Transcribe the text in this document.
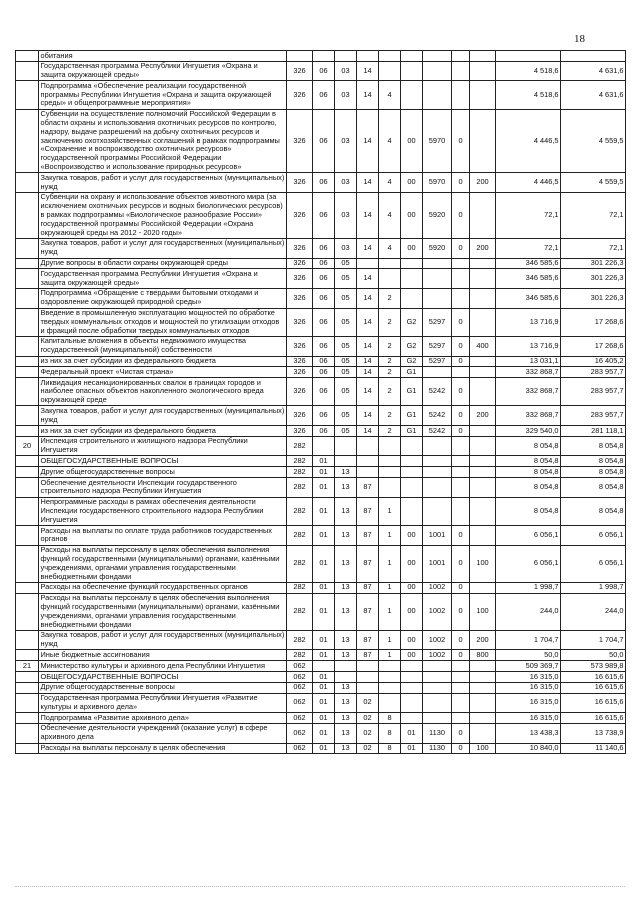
18
	обитания											
	Государственная программа Республики Ингушетия «Охрана и защита окружающей среды»	326	06	03	14						4 518,6	4 631,6
	Подпрограмма «Обеспечение реализации государственной программы Республики Ингушетия «Охрана и защита окружающей среды» и общепрограммные мероприятия»	326	06	03	14	4					4 518,6	4 631,6
	Субвенции на осуществление полномочий Российской Федерации в области охраны и использования охотничьих ресурсов по контролю, надзору, выдаче разрешений на добычу охотничьих ресурсов и заключению охотхозяйственных соглашений в рамках подпрограммы «Сохранение и воспроизводство охотничьих ресурсов» государственной программы Российской Федерации «Воспроизводство и использование природных ресурсов»	326	06	03	14	4	00	5970	0		4 446,5	4 559,5
	Закупка товаров, работ и услуг для государственных (муниципальных) нужд	326	06	03	14	4	00	5970	0	200	4 446,5	4 559,5
	Субвенции на охрану и использование объектов животного мира (за исключением охотничьих ресурсов и водных биологических ресурсов) в рамках подпрограммы «Биологическое разнообразие России» государственной программы Российской Федерации «Охрана окружающей среды на 2012 - 2020 годы»	326	06	03	14	4	00	5920	0		72,1	72,1
	Закупка товаров, работ и услуг для государственных (муниципальных) нужд	326	06	03	14	4	00	5920	0	200	72,1	72,1
	Другие вопросы в области охраны окружающей среды	326	06	05							346 585,6	301 226,3
	Государственная программа Республики Ингушетия «Охрана и защита окружающей среды»	326	06	05	14						346 585,6	301 226,3
	Подпрограмма «Обращение с твердыми бытовыми отходами и оздоровление окружающей природной среды»	326	06	05	14	2					346 585,6	301 226,3
	Введение в промышленную эксплуатацию мощностей по обработке твердых коммунальных отходов и мощностей по утилизации отходов и фракций после обработки твердых коммунальных отходов	326	06	05	14	2	G2	5297	0		13 716,9	17 268,6
	Капитальные вложения в объекты недвижимого имущества государственной (муниципальной) собственности	326	06	05	14	2	G2	5297	0	400	13 716,9	17 268,6
	из них за счет субсидии из федерального бюджета	326	06	05	14	2	G2	5297	0		13 031,1	16 405,2
	Федеральный проект «Чистая страна»	326	06	05	14	2	G1				332 868,7	283 957,7
	Ликвидация несанкционированных свалок в границах городов и наиболее опасных объектов накопленного экологического вреда окружающей среде	326	06	05	14	2	G1	5242	0		332 868,7	283 957,7
	Закупка товаров, работ и услуг для государственных (муниципальных) нужд	326	06	05	14	2	G1	5242	0	200	332 868,7	283 957,7
	из них за счет субсидии из федерального бюджета	326	06	05	14	2	G1	5242	0		329 540,0	281 118,1
20	Инспекция строительного и жилищного надзора Республики Ингушетия	282									8 054,8	8 054,8
	ОБЩЕГОСУДАРСТВЕННЫЕ ВОПРОСЫ	282	01								8 054,8	8 054,8
	Другие общегосударственные вопросы	282	01	13							8 054,8	8 054,8
	Обеспечение деятельности Инспекции государственного строительного надзора Республики Ингушетия	282	01	13	87						8 054,8	8 054,8
	Непрограммные расходы в рамках обеспечения деятельности Инспекции государственного строительного надзора Республики Ингушетия	282	01	13	87	1					8 054,8	8 054,8
	Расходы на выплаты по оплате труда работников государственных органов	282	01	13	87	1	00	1001	0		6 056,1	6 056,1
	Расходы на выплаты персоналу в целях обеспечения выполнения функций государственными (муниципальными) органами, казёнными учреждениями, органами управления государственными внебюджетными фондами	282	01	13	87	1	00	1001	0	100	6 056,1	6 056,1
	Расходы на обеспечение функций государственных органов	282	01	13	87	1	00	1002	0		1 998,7	1 998,7
	Расходы на выплаты персоналу в целях обеспечения выполнения функций государственными (муниципальными) органами, казёнными учреждениями, органами управления государственными внебюджетными фондами	282	01	13	87	1	00	1002	0	100	244,0	244,0
	Закупка товаров, работ и услуг для государственных (муниципальных) нужд	282	01	13	87	1	00	1002	0	200	1 704,7	1 704,7
	Иные бюджетные ассигнования	282	01	13	87	1	00	1002	0	800	50,0	50,0
21	Министерство культуры и архивного дела Республики Ингушетия	062									509 369,7	573 989,8
	ОБЩЕГОСУДАРСТВЕННЫЕ ВОПРОСЫ	062	01								16 315,0	16 615,6
	Другие общегосударственные вопросы	062	01	13							16 315,0	16 615,6
	Государственная программа Республики Ингушетия «Развитие культуры и архивного дела»	062	01	13	02						16 315,0	16 615,6
	Подпрограмма «Развитие архивного дела»	062	01	13	02	8					16 315,0	16 615,6
	Обеспечение деятельности учреждений (оказание услуг) в сфере архивного дела	062	01	13	02	8	01	1130	0		13 438,3	13 738,9
	Расходы на выплаты персоналу в целях обеспечения	062	01	13	02	8	01	1130	0	100	10 840,0	11 140,6
